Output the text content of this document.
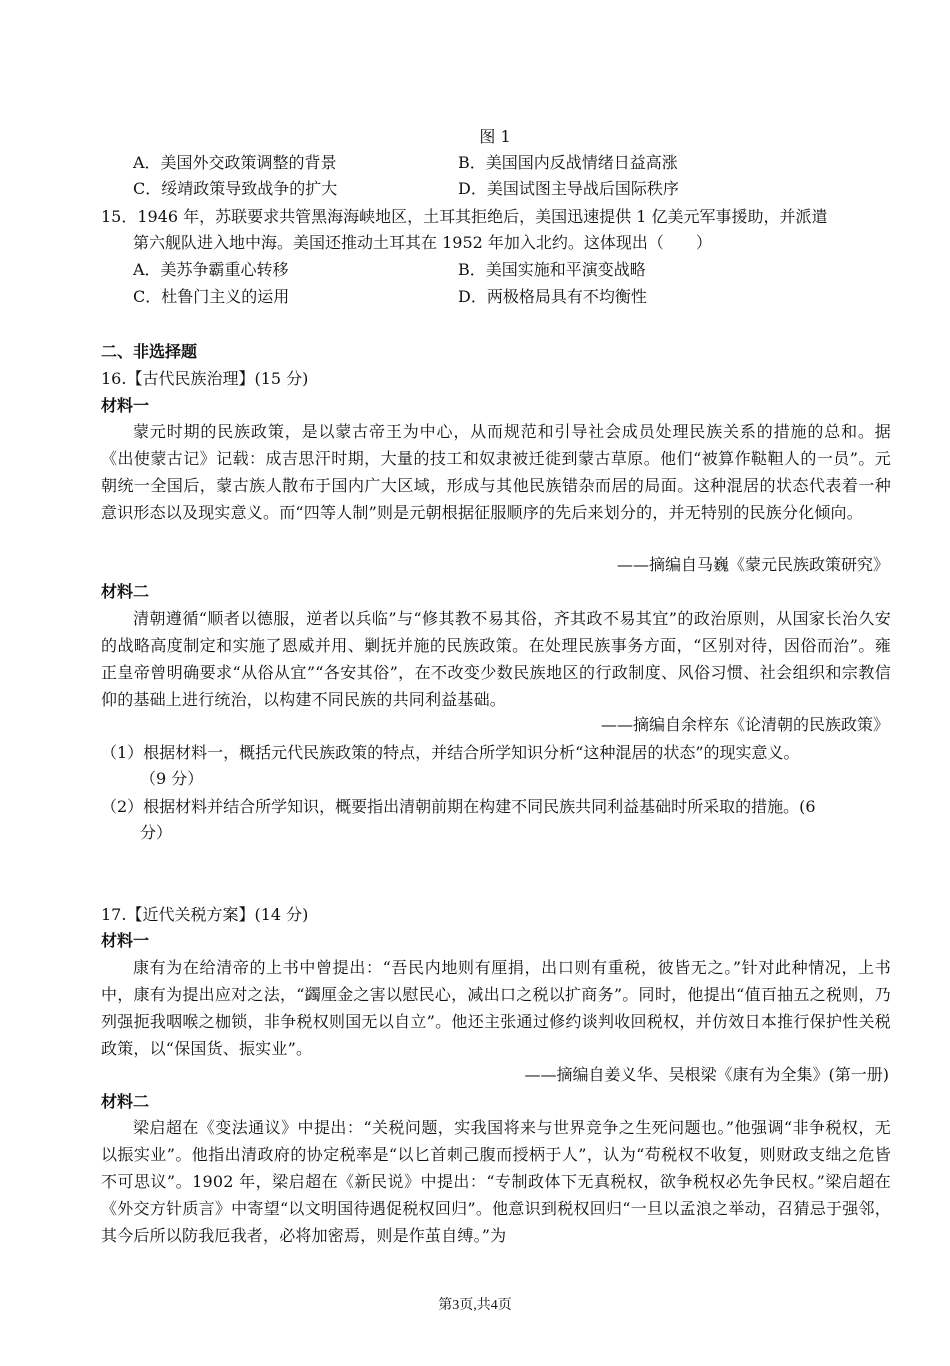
图 1
A．美国外交政策调整的背景	B．美国国内反战情绪日益高涨
C．绥靖政策导致战争的扩大	D．美国试图主导战后国际秩序
15．1946 年，苏联要求共管黑海海峡地区，土耳其拒绝后，美国迅速提供 1 亿美元军事援助，并派遣
第六舰队进入地中海。美国还推动土耳其在 1952 年加入北约。这体现出（　　）
A．美苏争霸重心转移	B．美国实施和平演变战略
C．杜鲁门主义的运用	D．两极格局具有不均衡性
二、非选择题
16.【古代民族治理】(15 分)
材料一
蒙元时期的民族政策，是以蒙古帝王为中心，从而规范和引导社会成员处理民族关系的措施的总和。据《出使蒙古记》记载：成吉思汗时期，大量的技工和奴隶被迁徙到蒙古草原。他们“被算作鞑靼人的一员”。元朝统一全国后，蒙古族人散布于国内广大区域，形成与其他民族错杂而居的局面。这种混居的状态代表着一种意识形态以及现实意义。而“四等人制”则是元朝根据征服顺序的先后来划分的，并无特别的民族分化倾向。
——摘编自马巍《蒙元民族政策研究》
材料二
清朝遵循“顺者以德服，逆者以兵临”与“修其教不易其俗，齐其政不易其宜”的政治原则，从国家长治久安的战略高度制定和实施了恩威并用、剿抚并施的民族政策。在处理民族事务方面，“区别对待，因俗而治”。雍正皇帝曾明确要求“从俗从宜”“各安其俗”，在不改变少数民族地区的行政制度、风俗习惯、社会组织和宗教信仰的基础上进行统治，以构建不同民族的共同利益基础。
——摘编自余梓东《论清朝的民族政策》
（1）根据材料一，概括元代民族政策的特点，并结合所学知识分析“这种混居的状态”的现实意义。
（9 分）
（2）根据材料并结合所学知识，概要指出清朝前期在构建不同民族共同利益基础时所采取的措施。(6
分）
17.【近代关税方案】(14 分)
材料一
康有为在给清帝的上书中曾提出：“吾民内地则有厘捐，出口则有重税，彼皆无之。”针对此种情况，上书中，康有为提出应对之法，“蠲厘金之害以慰民心，减出口之税以扩商务”。同时，他提出“值百抽五之税则，乃列强扼我咽喉之枷锁，非争税权则国无以自立”。他还主张通过修约谈判收回税权，并仿效日本推行保护性关税政策，以“保国货、振实业”。
——摘编自姜义华、吴根梁《康有为全集》(第一册)
材料二
梁启超在《变法通议》中提出：“关税问题，实我国将来与世界竞争之生死问题也。”他强调“非争税权，无以振实业”。他指出清政府的协定税率是“以匕首刺己腹而授柄于人”，认为“苟税权不收复，则财政支绌之危皆不可思议”。1902 年，梁启超在《新民说》中提出：“专制政体下无真税权，欲争税权必先争民权。”梁启超在《外交方针质言》中寄望“以文明国待遇促税权回归”。他意识到税权回归“一旦以孟浪之举动，召猜忌于强邻，其今后所以防我厄我者，必将加密焉，则是作茧自缚。”为
第3页,共4页
